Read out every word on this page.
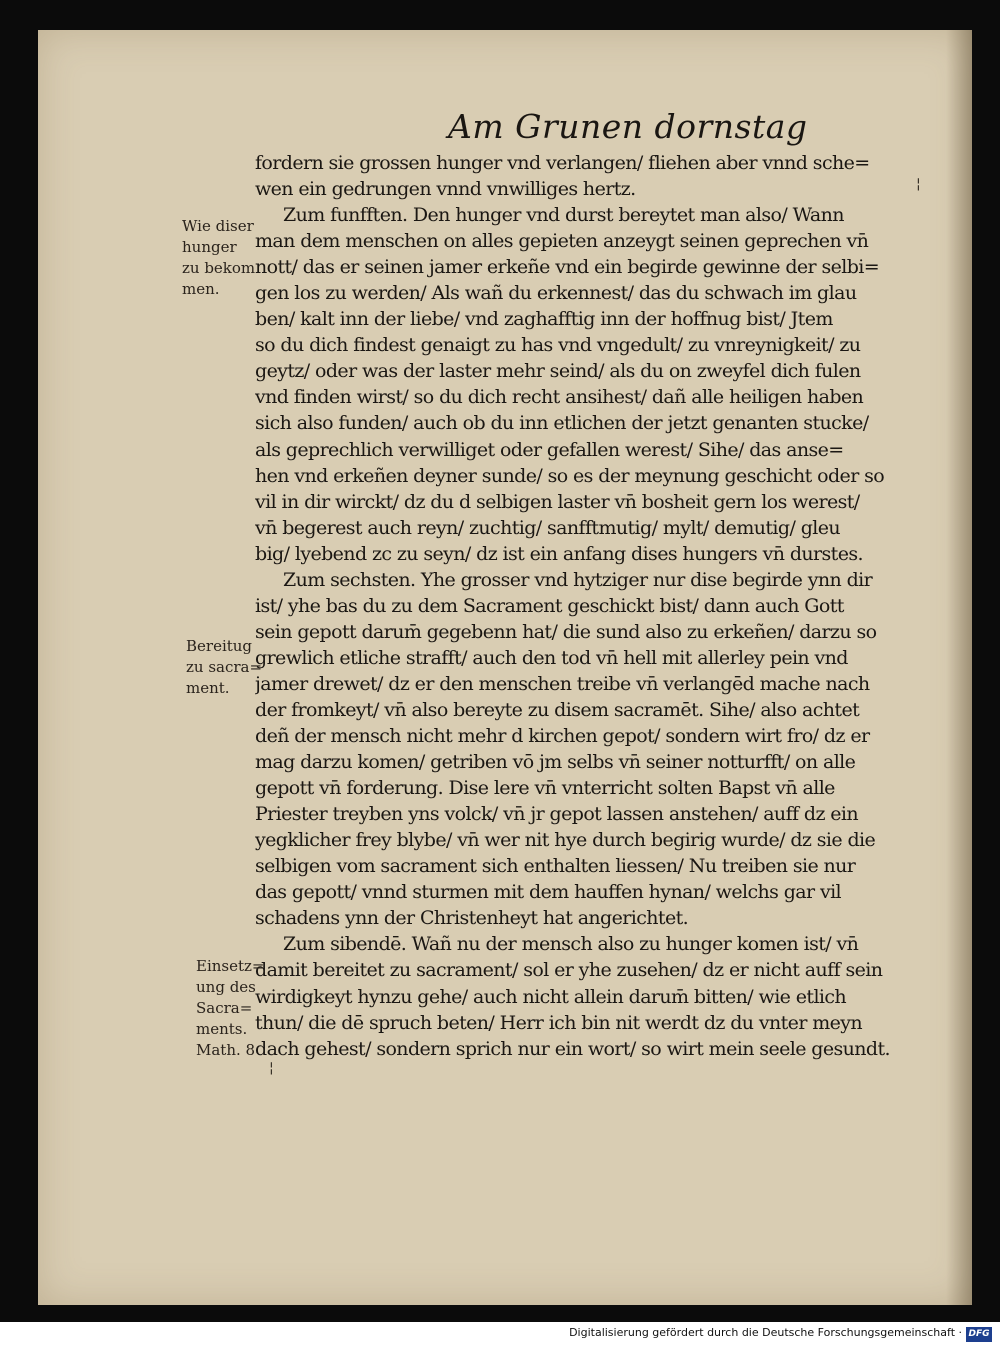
Am Grunen dornstag
fordern sie grossen hunger vnd verlangen/ fliehen aber vnnd sche=
wen ein gedrungen vnnd vnwilliges hertz.
Zum funfften. Den hunger vnd durst bereytet man also/ Wann
man dem menschen on alles gepieten anzeygt seinen geprechen vn̄
nott/ das er seinen jamer erkeñe vnd ein begirde gewinne der selbi=
gen los zu werden/ Als wañ du erkennest/ das du schwach im glau
ben/ kalt inn der liebe/ vnd zaghafftig inn der hoffnug bist/ Jtem
so du dich findest genaigt zu has vnd vngedult/ zu vnreynigkeit/ zu
geytz/ oder was der laster mehr seind/ als du on zweyfel dich fulen
vnd finden wirst/ so du dich recht ansihest/ dañ alle heiligen haben
sich also funden/ auch ob du inn etlichen der jetzt genanten stucke/
als geprechlich verwilliget oder gefallen werest/ Sihe/ das anse=
hen vnd erkeñen deyner sunde/ so es der meynung geschicht oder so
vil in dir wirckt/ dz du d selbigen laster vn̄ bosheit gern los werest/
vn̄ begerest auch reyn/ zuchtig/ sanfftmutig/ mylt/ demutig/ gleu
big/ lyebend zc zu seyn/ dz ist ein anfang dises hungers vn̄ durstes.
Zum sechsten. Yhe grosser vnd hytziger nur dise begirde ynn dir
ist/ yhe bas du zu dem Sacrament geschickt bist/ dann auch Gott
sein gepott darum̄ gegebenn hat/ die sund also zu erkeñen/ darzu so
grewlich etliche strafft/ auch den tod vn̄ hell mit allerley pein vnd
jamer drewet/ dz er den menschen treibe vn̄ verlangēd mache nach
der fromkeyt/ vn̄ also bereyte zu disem sacramēt. Sihe/ also achtet
deñ der mensch nicht mehr d kirchen gepot/ sondern wirt fro/ dz er
mag darzu komen/ getriben vō jm selbs vn̄ seiner notturfft/ on alle
gepott vn̄ forderung. Dise lere vn̄ vnterricht solten Bapst vn̄ alle
Priester treyben yns volck/ vn̄ jr gepot lassen anstehen/ auff dz ein
yegklicher frey blybe/ vn̄ wer nit hye durch begirig wurde/ dz sie die
selbigen vom sacrament sich enthalten liessen/ Nu treiben sie nur
das gepott/ vnnd sturmen mit dem hauffen hynan/ welchs gar vil
schadens ynn der Christenheyt hat angerichtet.
Zum sibendē. Wañ nu der mensch also zu hunger komen ist/ vn̄
damit bereitet zu sacrament/ sol er yhe zusehen/ dz er nicht auff sein
wirdigkeyt hynzu gehe/ auch nicht allein darum̄ bitten/ wie etlich
thun/ die dē spruch beten/ Herr ich bin nit werdt dz du vnter meyn
dach gehest/ sondern sprich nur ein wort/ so wirt mein seele gesundt.
Wie diser
hunger
zu bekom
men.
Bereitug
zu sacra=
ment.
Einsetz=
ung des
Sacra=
ments.
Math. 8
¦
¦
Digitalisierung gefördert durch die Deutsche Forschungsgemeinschaft · DFG
